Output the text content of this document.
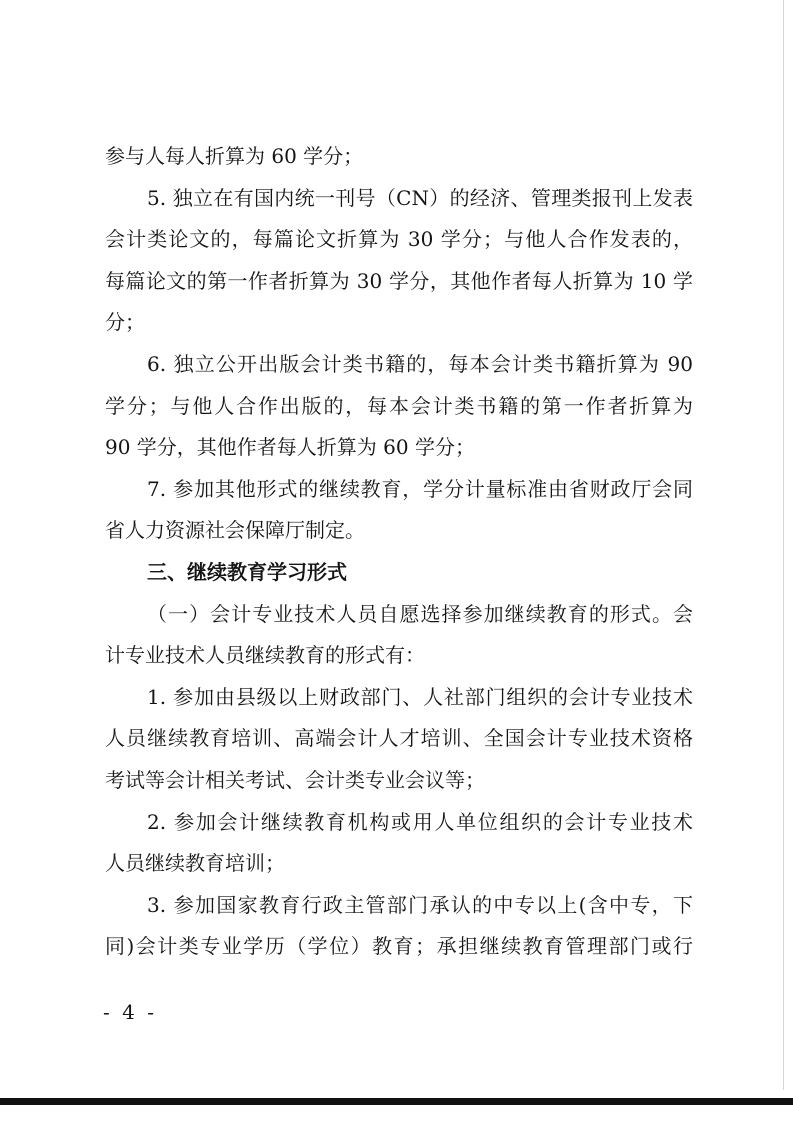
参与人每人折算为 60 学分；
5. 独立在有国内统一刊号（CN）的经济、管理类报刊上发表
会计类论文的，每篇论文折算为 30 学分；与他人合作发表的，
每篇论文的第一作者折算为 30 学分，其他作者每人折算为 10 学
分；
6. 独立公开出版会计类书籍的，每本会计类书籍折算为 90
学分；与他人合作出版的，每本会计类书籍的第一作者折算为
90 学分，其他作者每人折算为 60 学分；
7. 参加其他形式的继续教育，学分计量标准由省财政厅会同
省人力资源社会保障厅制定。
三、继续教育学习形式
（一）会计专业技术人员自愿选择参加继续教育的形式。会
计专业技术人员继续教育的形式有：
1. 参加由县级以上财政部门、人社部门组织的会计专业技术
人员继续教育培训、高端会计人才培训、全国会计专业技术资格
考试等会计相关考试、会计类专业会议等；
2. 参加会计继续教育机构或用人单位组织的会计专业技术
人员继续教育培训；
3. 参加国家教育行政主管部门承认的中专以上(含中专，下
同)会计类专业学历（学位）教育；承担继续教育管理部门或行
- 4 -
